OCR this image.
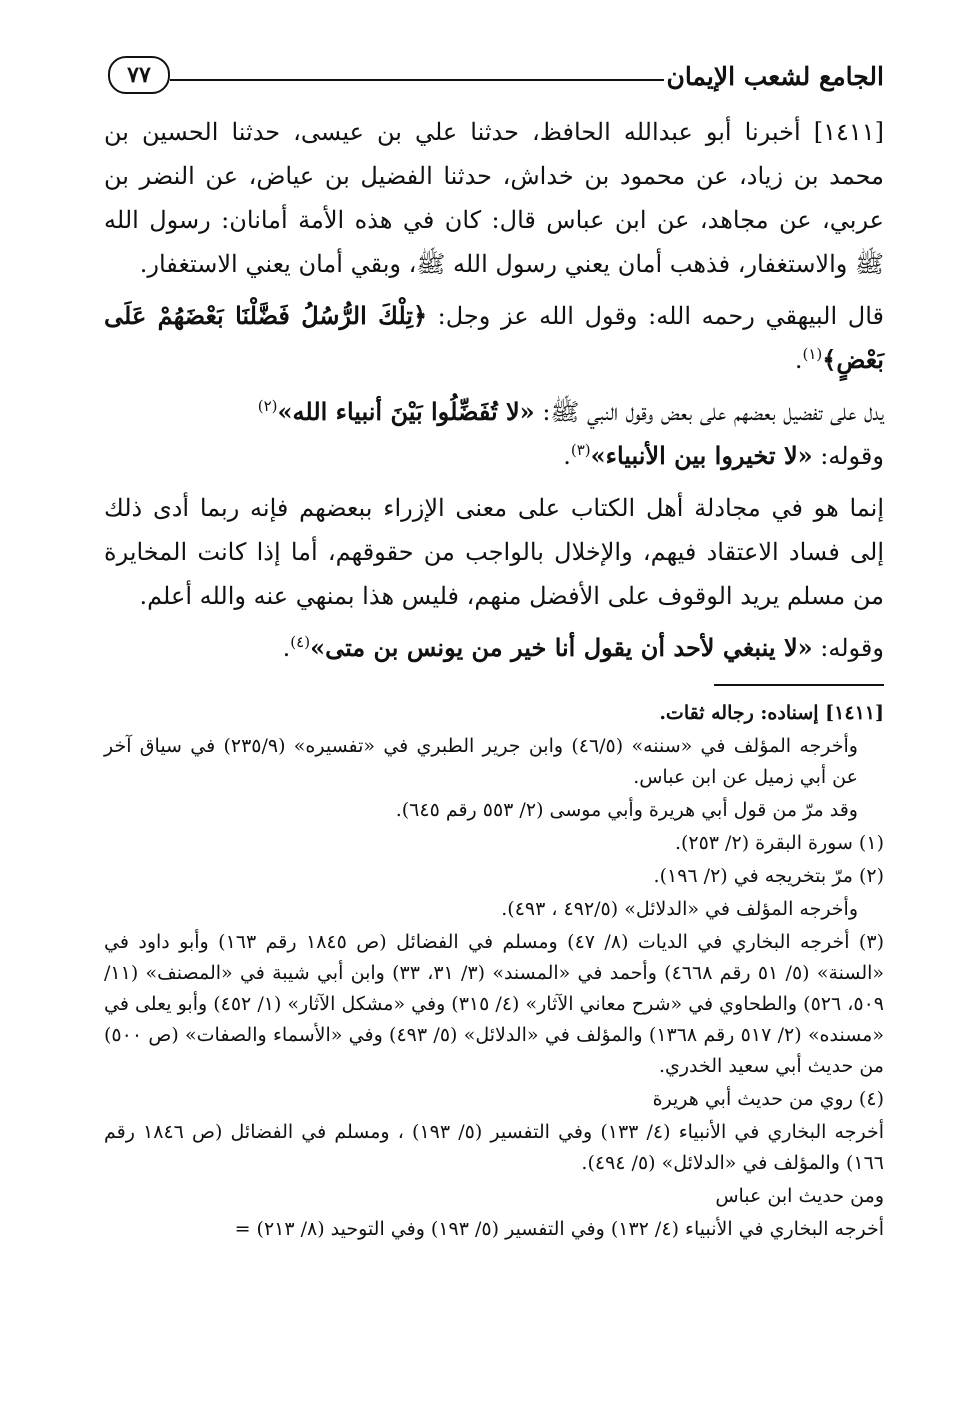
الجامع لشعب الإيمان
٧٧

[١٤١١] أخبرنا أبو عبدالله الحافظ، حدثنا علي بن عيسى، حدثنا الحسين بن محمد بن زياد، عن محمود بن خداش، حدثنا الفضيل بن عياض، عن النضر بن عربي، عن مجاهد، عن ابن عباس قال: كان في هذه الأمة أمانان: رسول الله ﷺ والاستغفار، فذهب أمان يعني رسول الله ﷺ، وبقي أمان يعني الاستغفار.

قال البيهقي رحمه الله: وقول الله عز وجل: ﴿تِلْكَ الرُّسُلُ فَضَّلْنَا بَعْضَهُمْ عَلَى بَعْضٍ﴾$^{(١)}$.

يدل على تفضيل بعضهم على بعض وقول النبي ﷺ: «لا تُفَضِّلُوا بَيْنَ أنبياء الله»$^{(٢)}$
وقوله: «لا تخيروا بين الأنبياء»$^{(٣)}$.

إنما هو في مجادلة أهل الكتاب على معنى الإزراء ببعضهم فإنه ربما أدى ذلك إلى فساد الاعتقاد فيهم، والإخلال بالواجب من حقوقهم، أما إذا كانت المخايرة من مسلم يريد الوقوف على الأفضل منهم، فليس هذا بمنهي عنه والله أعلم.

وقوله: «لا ينبغي لأحد أن يقول أنا خير من يونس بن متى»$^{(٤)}$.

[١٤١١] إسناده: رجاله ثقات.

وأخرجه المؤلف في «سننه» (٤٦/٥) وابن جرير الطبري في «تفسيره» (٢٣٥/٩) في سياق آخر عن أبي زميل عن ابن عباس.

وقد مرّ من قول أبي هريرة وأبي موسى (٢/ ٥٥٣ رقم ٦٤٥).

(١) سورة البقرة (٢/ ٢٥٣).

(٢) مرّ بتخريجه في (٢/ ١٩٦).

وأخرجه المؤلف في «الدلائل» (٤٩٢/٥ ، ٤٩٣).

(٣) أخرجه البخاري في الديات (٨/ ٤٧) ومسلم في الفضائل (ص ١٨٤٥ رقم ١٦٣) وأبو داود في «السنة» (٥/ ٥١ رقم ٤٦٦٨) وأحمد في «المسند» (٣/ ٣١، ٣٣) وابن أبي شيبة في «المصنف» (١١/ ٥٠٩، ٥٢٦) والطحاوي في «شرح معاني الآثار» (٤/ ٣١٥) وفي «مشكل الآثار» (١/ ٤٥٢) وأبو يعلى في «مسنده» (٢/ ٥١٧ رقم ١٣٦٨) والمؤلف في «الدلائل» (٥/ ٤٩٣) وفي «الأسماء والصفات» (ص ٥٠٠) من حديث أبي سعيد الخدري.

(٤) روي من حديث أبي هريرة

أخرجه البخاري في الأنبياء (٤/ ١٣٣) وفي التفسير (٥/ ١٩٣) ، ومسلم في الفضائل (ص ١٨٤٦ رقم ١٦٦) والمؤلف في «الدلائل» (٥/ ٤٩٤).

ومن حديث ابن عباس

أخرجه البخاري في الأنبياء (٤/ ١٣٢) وفي التفسير (٥/ ١٩٣) وفي التوحيد (٨/ ٢١٣) =
